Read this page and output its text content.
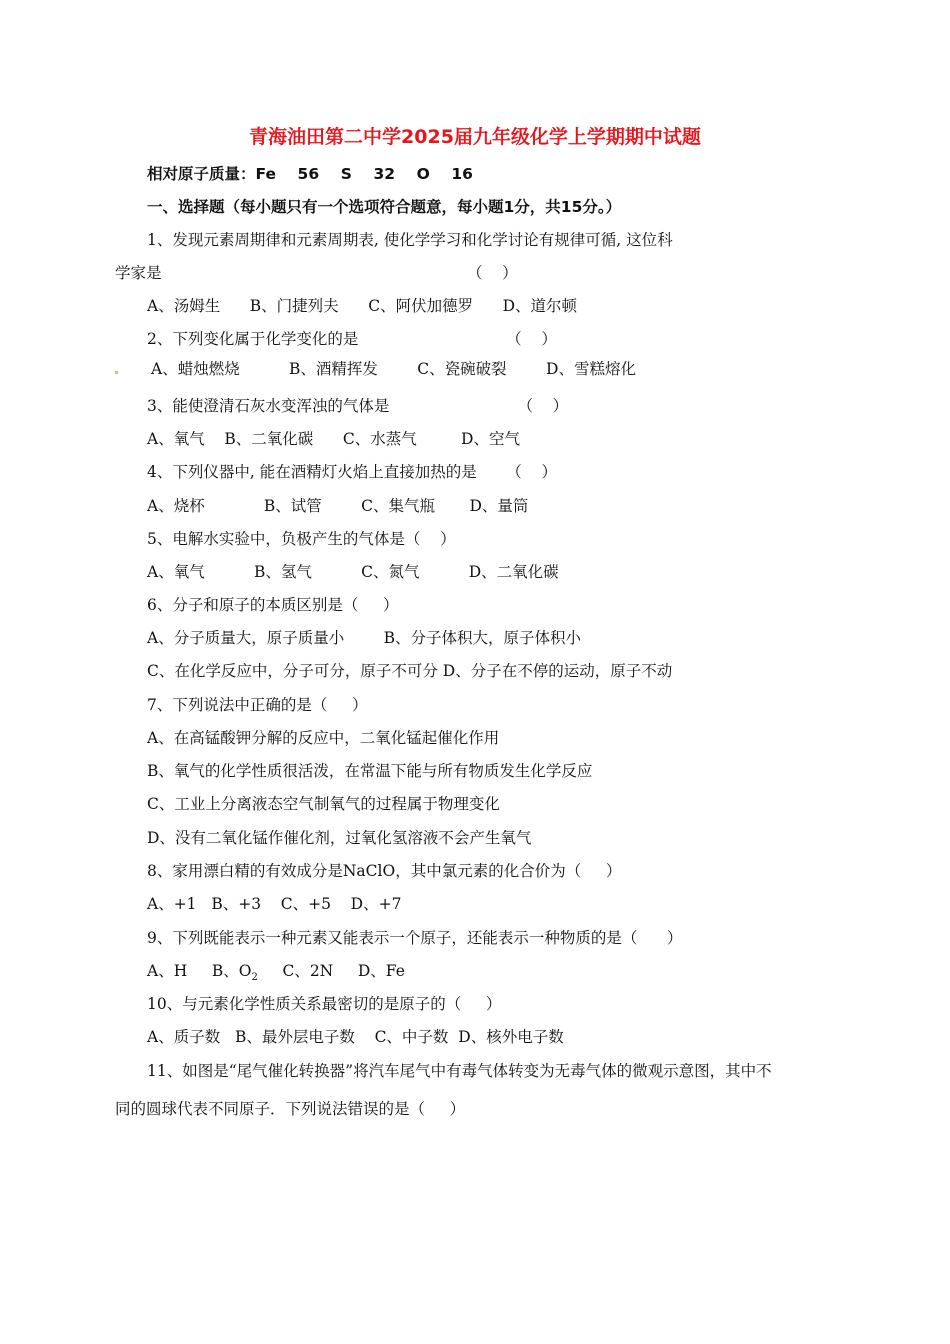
青海油田第二中学2025届九年级化学上学期期中试题
相对原子质量：Fe    56    S    32    O    16
一、选择题（每小题只有一个选项符合题意，每小题1分，共15分。）
1、发现元素周期律和元素周期表, 使化学学习和化学讨论有规律可循, 这位科
学家是                                                              （    ）
A、汤姆生      B、门捷列夫      C、阿伏加德罗      D、道尔顿
2、下列变化属于化学变化的是                              （    ）
A、蜡烛燃烧          B、酒精挥发        C、瓷碗破裂        D、雪糕熔化
3、能使澄清石灰水变浑浊的气体是                          （    ）
A、氧气    B、二氧化碳      C、水蒸气         D、空气
4、下列仪器中, 能在酒精灯火焰上直接加热的是      （    ）
A、烧杯            B、试管        C、集气瓶       D、量筒
5、电解水实验中，负极产生的气体是（    ）
A、氧气          B、氢气          C、氮气          D、二氧化碳
6、分子和原子的本质区别是（     ）
A、分子质量大，原子质量小        B、分子体积大，原子体积小
C、在化学反应中，分子可分，原子不可分 D、分子在不停的运动，原子不动
7、下列说法中正确的是（     ）
A、在高锰酸钾分解的反应中，二氧化锰起催化作用
B、氧气的化学性质很活泼，在常温下能与所有物质发生化学反应
C、工业上分离液态空气制氧气的过程属于物理变化
D、没有二氧化锰作催化剂，过氧化氢溶液不会产生氧气
8、家用漂白精的有效成分是NaClO，其中氯元素的化合价为（     ）
A、+1   B、+3    C、+5    D、+7
9、下列既能表示一种元素又能表示一个原子，还能表示一种物质的是（      ）
A、H     B、$O_2$     C、2N     D、Fe
10、与元素化学性质关系最密切的是原子的（     ）
A、质子数   B、最外层电子数    C、中子数  D、核外电子数
11、如图是“尾气催化转换器”将汽车尾气中有毒气体转变为无毒气体的微观示意图，其中不
同的圆球代表不同原子．下列说法错误的是（     ）
